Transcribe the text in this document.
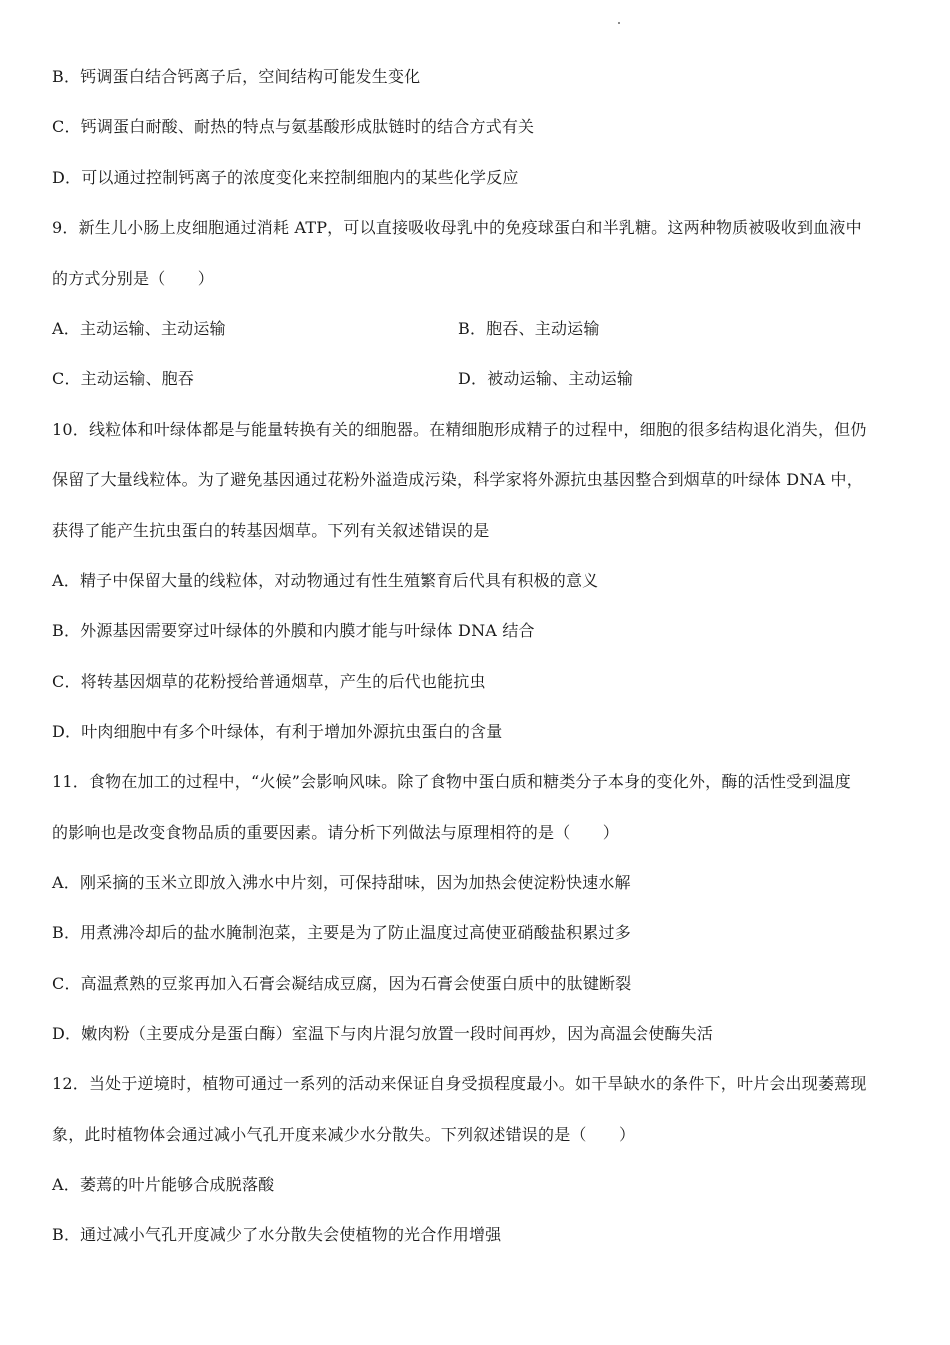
B．钙调蛋白结合钙离子后，空间结构可能发生变化
C．钙调蛋白耐酸、耐热的特点与氨基酸形成肽链时的结合方式有关
D．可以通过控制钙离子的浓度变化来控制细胞内的某些化学反应
9．新生儿小肠上皮细胞通过消耗 ATP，可以直接吸收母乳中的免疫球蛋白和半乳糖。这两种物质被吸收到血液中
的方式分别是（　　）
A．主动运输、主动运输	B．胞吞、主动运输
C．主动运输、胞吞	D．被动运输、主动运输
10．线粒体和叶绿体都是与能量转换有关的细胞器。在精细胞形成精子的过程中，细胞的很多结构退化消失，但仍
保留了大量线粒体。为了避免基因通过花粉外溢造成污染，科学家将外源抗虫基因整合到烟草的叶绿体 DNA 中，
获得了能产生抗虫蛋白的转基因烟草。下列有关叙述错误的是
A．精子中保留大量的线粒体，对动物通过有性生殖繁育后代具有积极的意义
B．外源基因需要穿过叶绿体的外膜和内膜才能与叶绿体 DNA 结合
C．将转基因烟草的花粉授给普通烟草，产生的后代也能抗虫
D．叶肉细胞中有多个叶绿体，有利于增加外源抗虫蛋白的含量
11．食物在加工的过程中，“火候”会影响风味。除了食物中蛋白质和糖类分子本身的变化外，酶的活性受到温度
的影响也是改变食物品质的重要因素。请分析下列做法与原理相符的是（　　）
A．刚采摘的玉米立即放入沸水中片刻，可保持甜味，因为加热会使淀粉快速水解
B．用煮沸冷却后的盐水腌制泡菜，主要是为了防止温度过高使亚硝酸盐积累过多
C．高温煮熟的豆浆再加入石膏会凝结成豆腐，因为石膏会使蛋白质中的肽键断裂
D．嫩肉粉（主要成分是蛋白酶）室温下与肉片混匀放置一段时间再炒，因为高温会使酶失活
12．当处于逆境时，植物可通过一系列的活动来保证自身受损程度最小。如干旱缺水的条件下，叶片会出现萎蔫现
象，此时植物体会通过减小气孔开度来减少水分散失。下列叙述错误的是（　　）
A．萎蔫的叶片能够合成脱落酸
B．通过减小气孔开度减少了水分散失会使植物的光合作用增强
